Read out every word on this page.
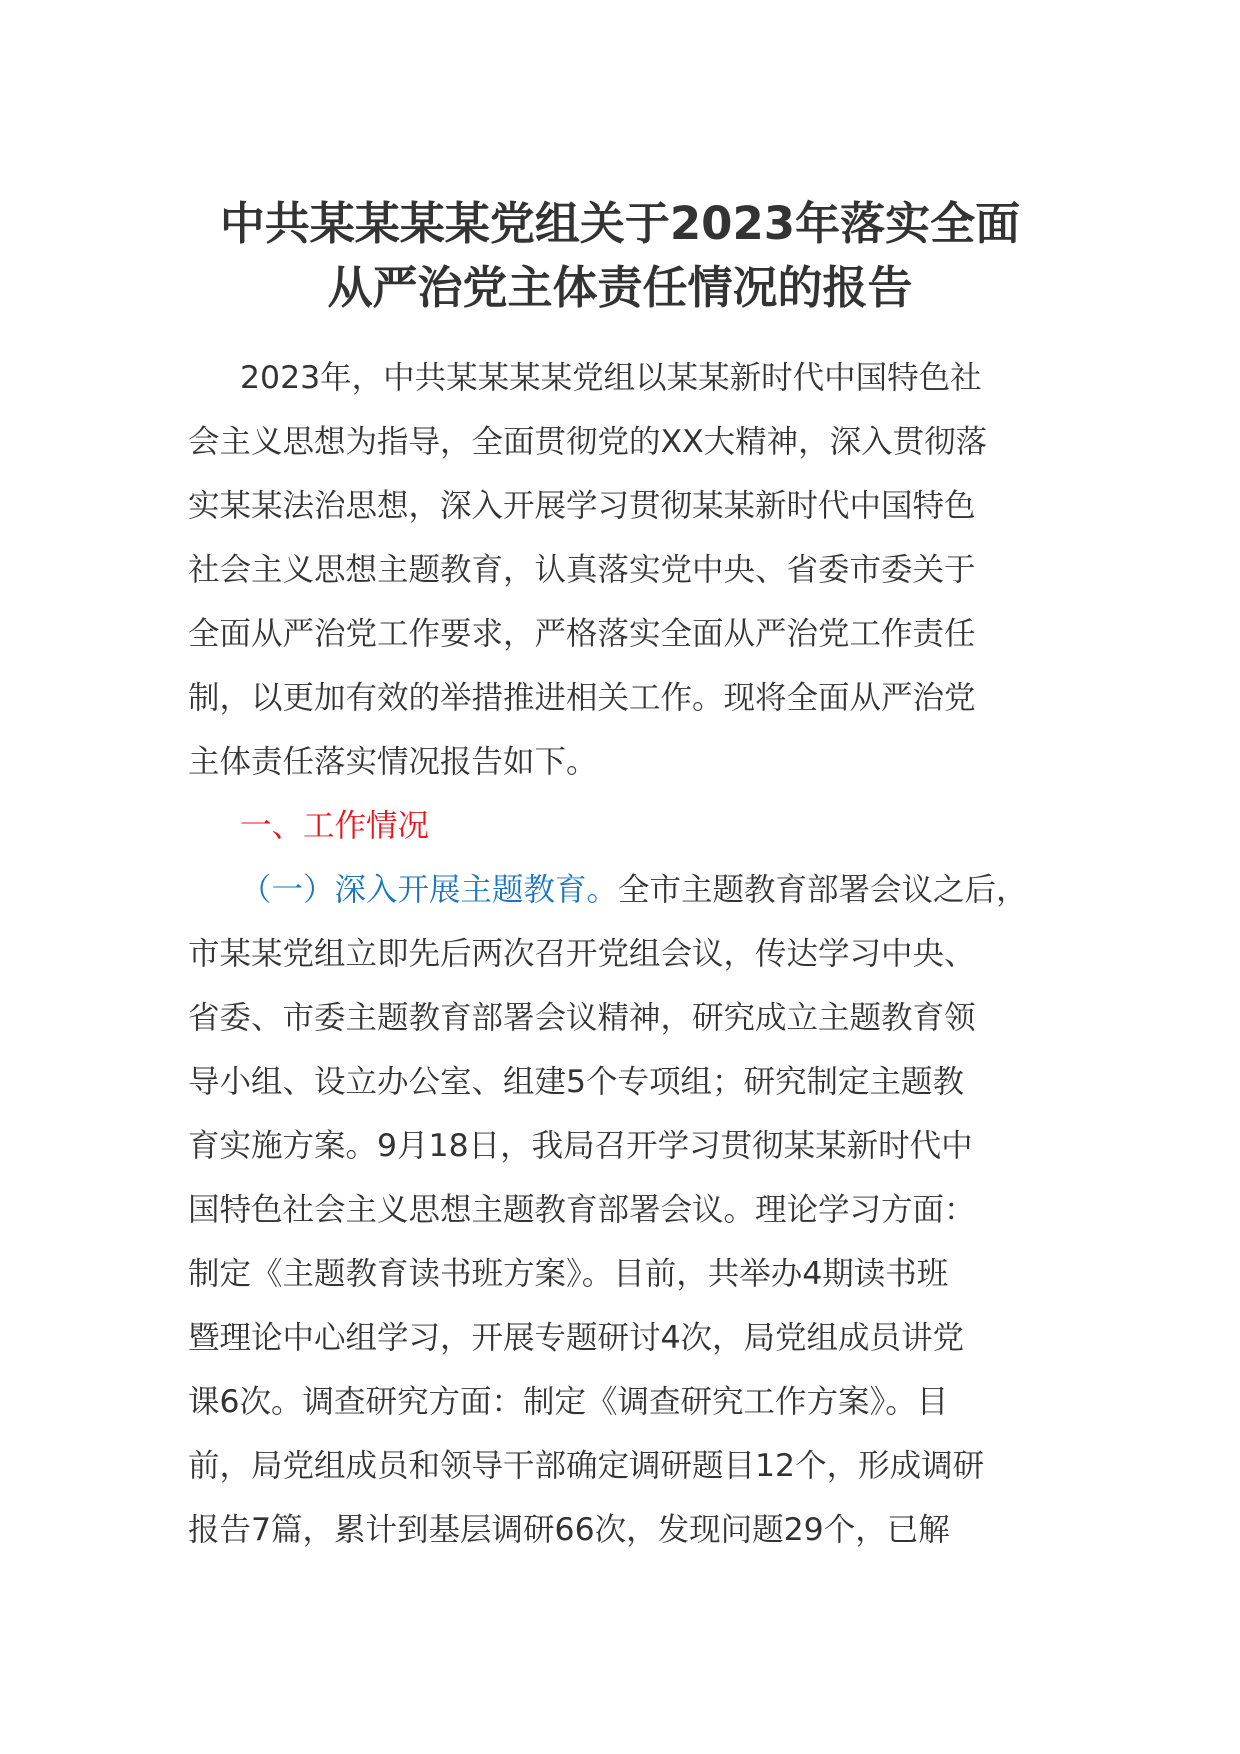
中共某某某某党组关于2023年落实全面
从严治党主体责任情况的报告

2023年，中共某某某某党组以某某新时代中国特色社

会主义思想为指导，全面贯彻党的XX大精神，深入贯彻落

实某某法治思想，深入开展学习贯彻某某新时代中国特色

社会主义思想主题教育，认真落实党中央、省委市委关于

全面从严治党工作要求，严格落实全面从严治党工作责任

制，以更加有效的举措推进相关工作。现将全面从严治党

主体责任落实情况报告如下。

一、工作情况

（一）深入开展主题教育。全市主题教育部署会议之后，

市某某党组立即先后两次召开党组会议，传达学习中央、

省委、市委主题教育部署会议精神，研究成立主题教育领

导小组、设立办公室、组建5个专项组；研究制定主题教

育实施方案。9月18日，我局召开学习贯彻某某新时代中

国特色社会主义思想主题教育部署会议。理论学习方面：

制定《主题教育读书班方案》。目前，共举办4期读书班

暨理论中心组学习，开展专题研讨4次，局党组成员讲党

课6次。调查研究方面：制定《调查研究工作方案》。目

前，局党组成员和领导干部确定调研题目12个，形成调研

报告7篇，累计到基层调研66次，发现问题29个，已解
